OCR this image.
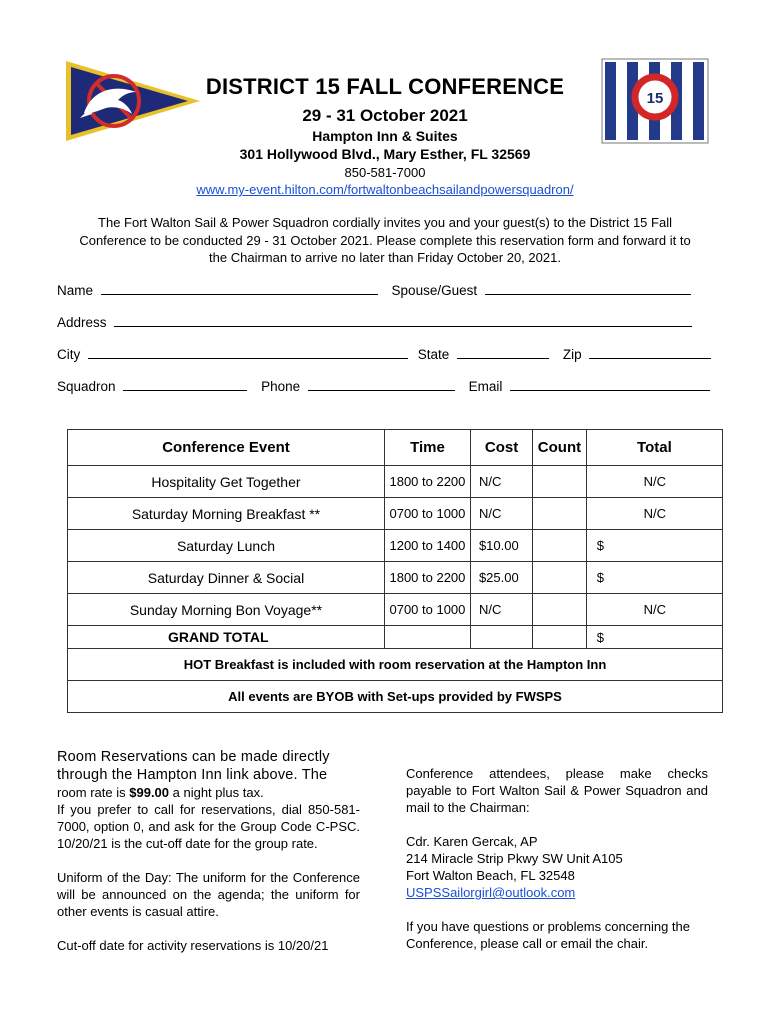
15
DISTRICT 15 FALL CONFERENCE
29 - 31 October 2021
Hampton Inn & Suites
301 Hollywood Blvd., Mary Esther, FL 32569
850-581-7000
www.my-event.hilton.com/fortwaltonbeachsailandpowersquadron/
The Fort Walton Sail & Power Squadron cordially invites you and your guest(s) to the District 15 Fall
Conference to be conducted 29 - 31 October 2021. Please complete this reservation form and forward it to
the Chairman to arrive no later than Friday October 20, 2021.
Name	Spouse/Guest
Address
City	State	Zip
Squadron	Phone	Email
Conference Event	Time	Cost	Count	Total
Hospitality Get Together	1800 to 2200	N/C		N/C
Saturday Morning Breakfast **	0700 to 1000	N/C		N/C
Saturday Lunch	1200 to 1400	$10.00		$
Saturday Dinner & Social	1800 to 2200	$25.00		$
Sunday Morning Bon Voyage**	0700 to 1000	N/C		N/C
GRAND TOTAL				$
HOT Breakfast is included with room reservation at the Hampton Inn				
All events are BYOB with Set-ups provided by FWSPS				

Room Reservations can be made directly

through the Hampton Inn link above. The

room rate is $99.00 a night plus tax.

If you prefer to call for reservations, dial 850-581-7000, option 0, and ask for the Group Code C-PSC. 10/20/21 is the cut-off date for the group rate.

Uniform of the Day: The uniform for the Conference will be announced on the agenda; the uniform for other events is casual attire.

Cut-off date for activity reservations is 10/20/21

Conference attendees, please make checks payable to Fort Walton Sail & Power Squadron and mail to the Chairman:

Cdr. Karen Gercak, AP

214 Miracle Strip Pkwy SW Unit A105

Fort Walton Beach, FL 32548

USPSSailorgirl@outlook.com

If you have questions or problems concerning the Conference, please call or email the chair.
